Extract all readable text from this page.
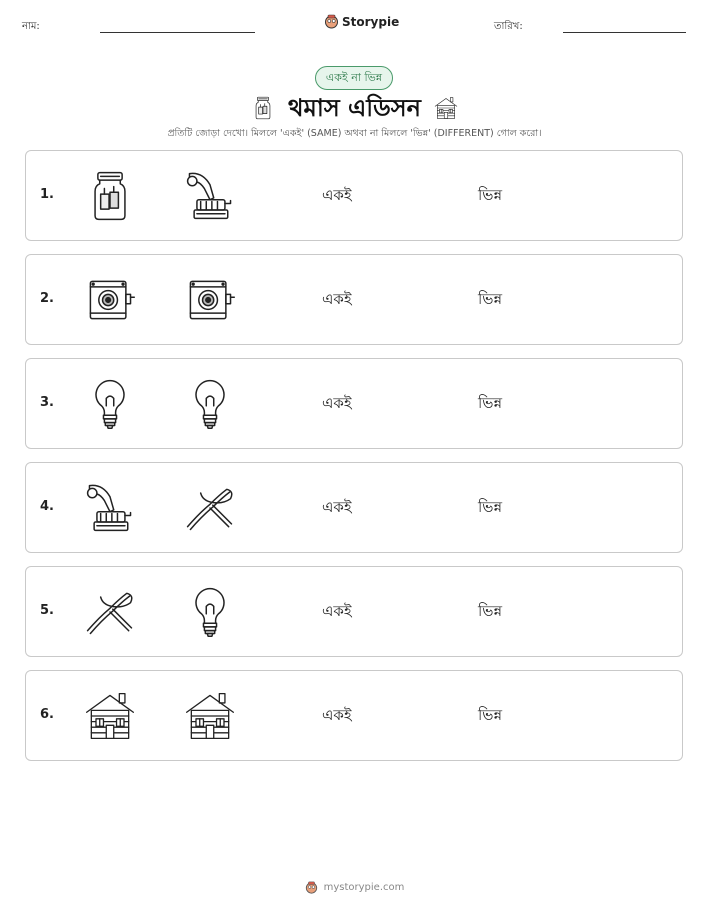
নাম:	Storypie	তারিখ:
একই না ভিন্ন
থমাস এডিসন
প্রতিটি জোড়া দেখো। মিললে 'একই' (SAME) অথবা না মিললে 'ভিন্ন' (DIFFERENT) গোল করো।
1.	একই	ভিন্ন
2.	একই	ভিন্ন
3.	একই	ভিন্ন
4.	একই	ভিন্ন
5.	একই	ভিন্ন
6.	একই	ভিন্ন
mystorypie.com
